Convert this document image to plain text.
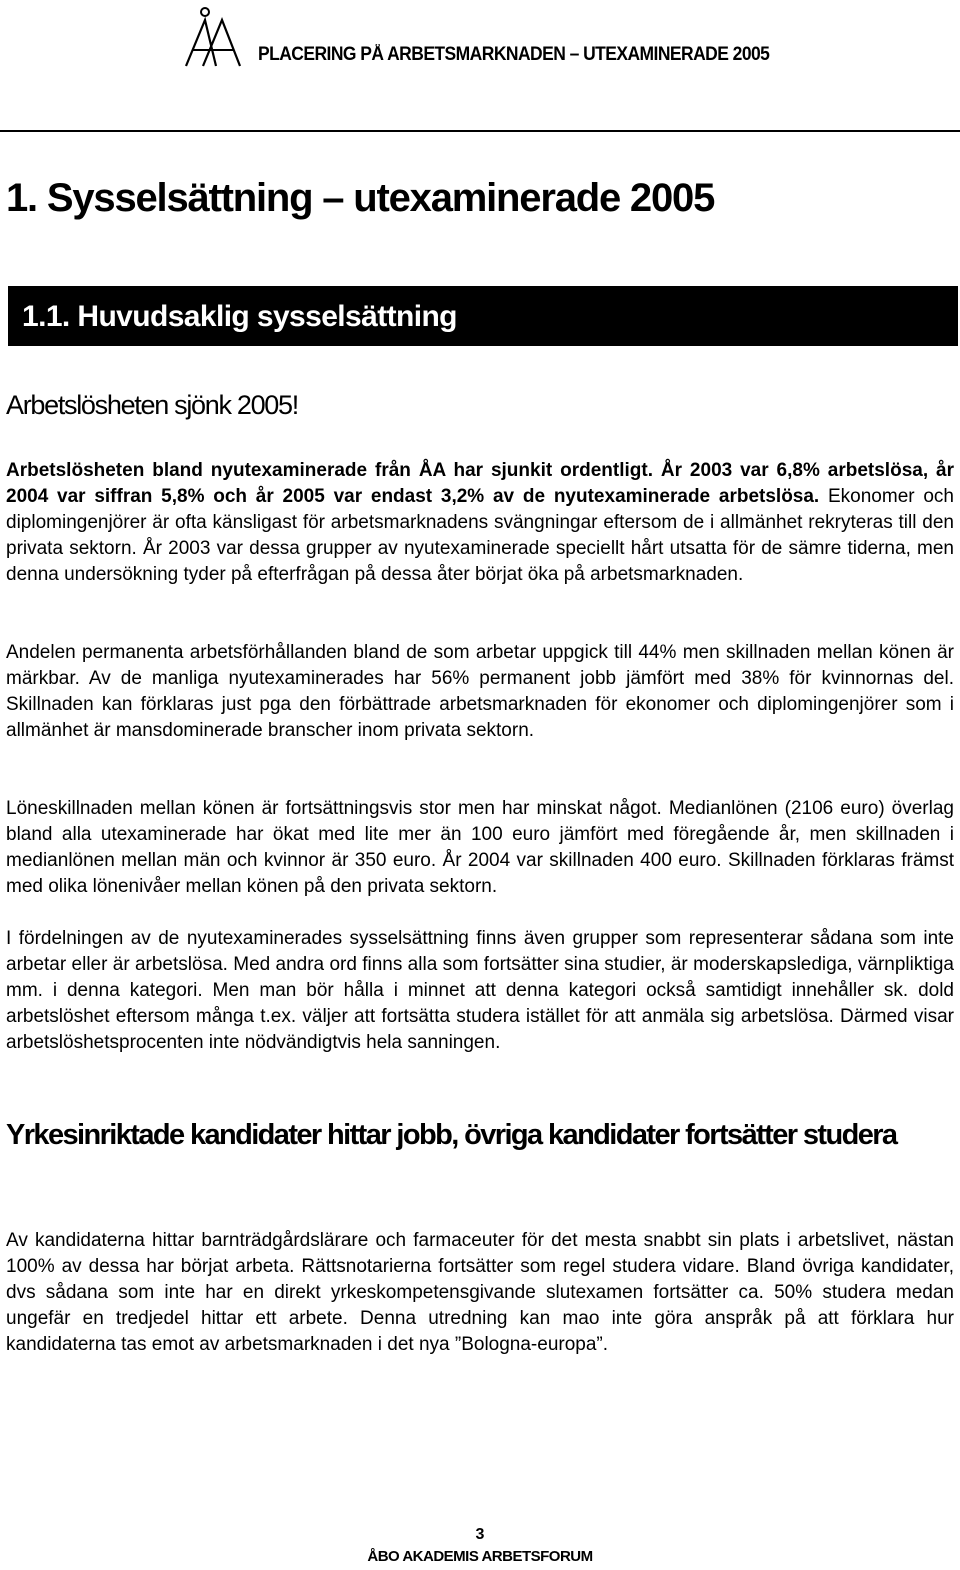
PLACERING PÅ ARBETSMARKNADEN – UTEXAMINERADE 2005
1. Sysselsättning – utexaminerade 2005
1.1. Huvudsaklig sysselsättning
Arbetslösheten sjönk 2005!

Arbetslösheten bland nyutexaminerade från ÅA har sjunkit ordentligt. År 2003 var 6,8% arbetslösa, år 2004 var siffran 5,8% och år 2005 var endast 3,2% av de nyutexaminerade arbetslösa. Ekonomer och diplomingenjörer är ofta känsligast för arbetsmarknadens svängningar eftersom de i allmänhet rekryteras till den privata sektorn. År 2003 var dessa grupper av nyutexaminerade speciellt hårt utsatta för de sämre tiderna, men denna undersökning tyder på efterfrågan på dessa åter börjat öka på arbetsmarknaden.

Andelen permanenta arbetsförhållanden bland de som arbetar uppgick till 44% men skillnaden mellan könen är märkbar. Av de manliga nyutexaminerades har 56% permanent jobb jämfört med 38% för kvinnornas del. Skillnaden kan förklaras just pga den förbättrade arbetsmarknaden för ekonomer och diplomingenjörer som i allmänhet är mansdominerade branscher inom privata sektorn.

Löneskillnaden mellan könen är fortsättningsvis stor men har minskat något. Medianlönen (2106 euro) överlag bland alla utexaminerade har ökat med lite mer än 100 euro jämfört med föregående år, men skillnaden i medianlönen mellan män och kvinnor är 350 euro. År 2004 var skillnaden 400 euro. Skillnaden förklaras främst med olika lönenivåer mellan könen på den privata sektorn.

I fördelningen av de nyutexaminerades sysselsättning finns även grupper som representerar sådana som inte arbetar eller är arbetslösa. Med andra ord finns alla som fortsätter sina studier, är moderskapslediga, värnpliktiga mm. i denna kategori. Men man bör hålla i minnet att denna kategori också samtidigt innehåller sk. dold arbetslöshet eftersom många t.ex. väljer att fortsätta studera istället för att anmäla sig arbetslösa. Därmed visar arbetslöshetsprocenten inte nödvändigtvis hela sanningen.

Yrkesinriktade kandidater hittar jobb, övriga kandidater fortsätter studera

Av kandidaterna hittar barnträdgårdslärare och farmaceuter för det mesta snabbt sin plats i arbetslivet, nästan 100% av dessa har börjat arbeta. Rättsnotarierna fortsätter som regel studera vidare. Bland övriga kandidater, dvs sådana som inte har en direkt yrkeskompetensgivande slutexamen fortsätter ca. 50% studera medan ungefär en tredjedel hittar ett arbete. Denna utredning kan mao inte göra anspråk på att förklara hur kandidaterna tas emot av arbetsmarknaden i det nya ”Bologna-europa”.

3
ÅBO AKADEMIS ARBETSFORUM
